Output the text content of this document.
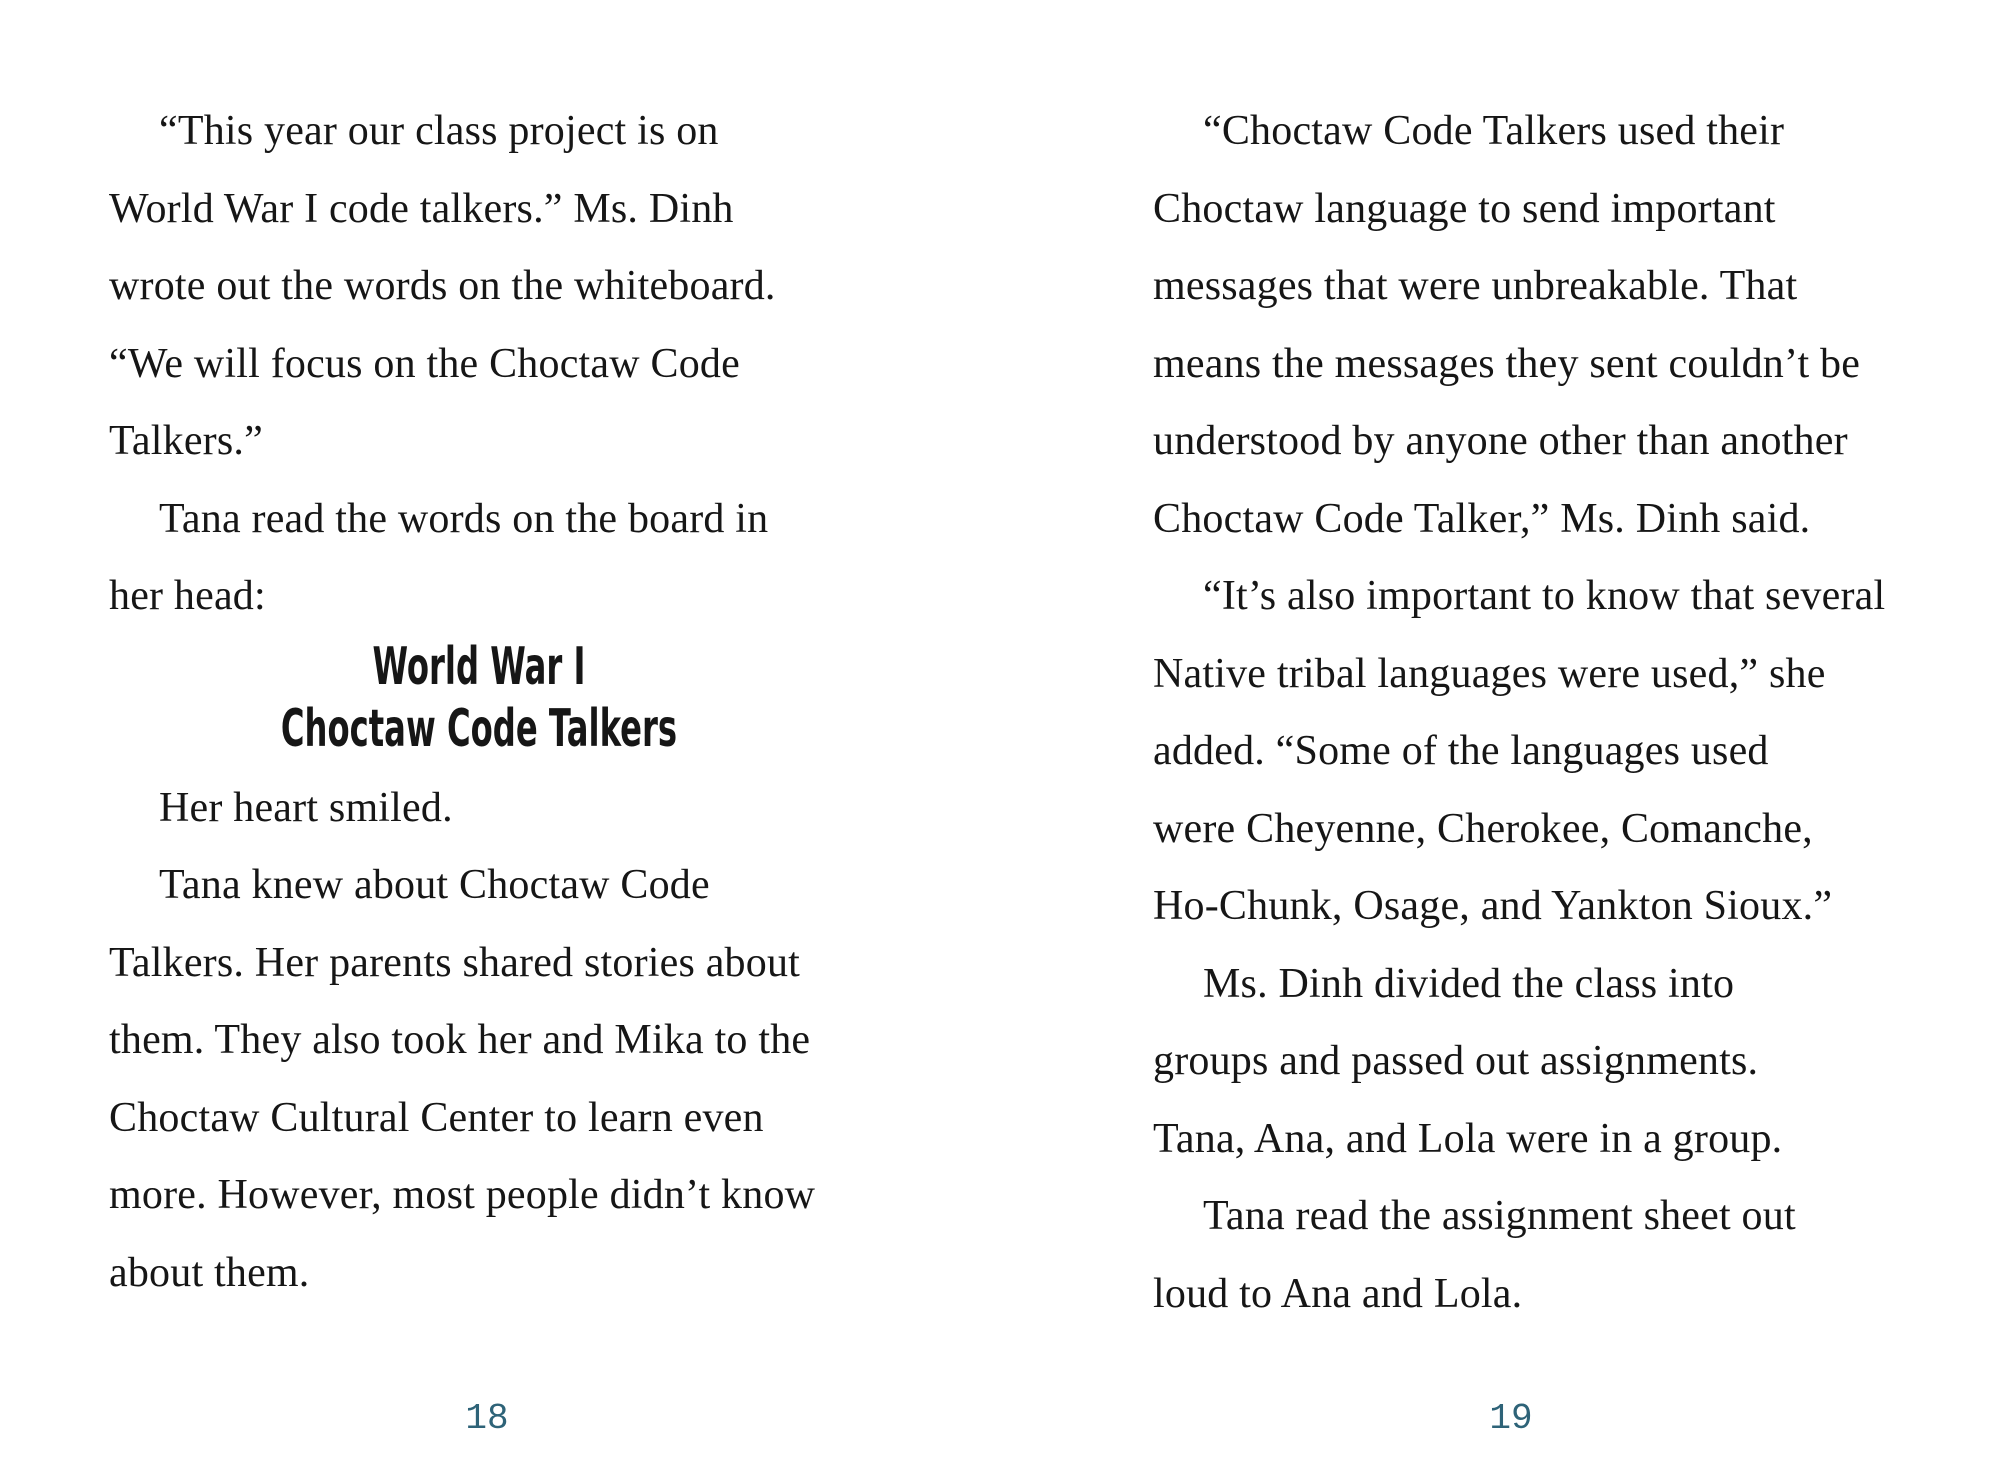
“This year our class project is on
World War I code talkers.” Ms. Dinh
wrote out the words on the whiteboard.
“We will focus on the Choctaw Code
Talkers.”
Tana read the words on the board in
her head:
World War I
Choctaw Code Talkers
Her heart smiled.
Tana knew about Choctaw Code
Talkers. Her parents shared stories about
them. They also took her and Mika to the
Choctaw Cultural Center to learn even
more. However, most people didn’t know
about them.
18
“Choctaw Code Talkers used their
Choctaw language to send important
messages that were unbreakable. That
means the messages they sent couldn’t be
understood by anyone other than another
Choctaw Code Talker,” Ms. Dinh said.
“It’s also important to know that several
Native tribal languages were used,” she
added. “Some of the languages used
were Cheyenne, Cherokee, Comanche,
Ho-Chunk, Osage, and Yankton Sioux.”
Ms. Dinh divided the class into
groups and passed out assignments.
Tana, Ana, and Lola were in a group.
Tana read the assignment sheet out
loud to Ana and Lola.
19
